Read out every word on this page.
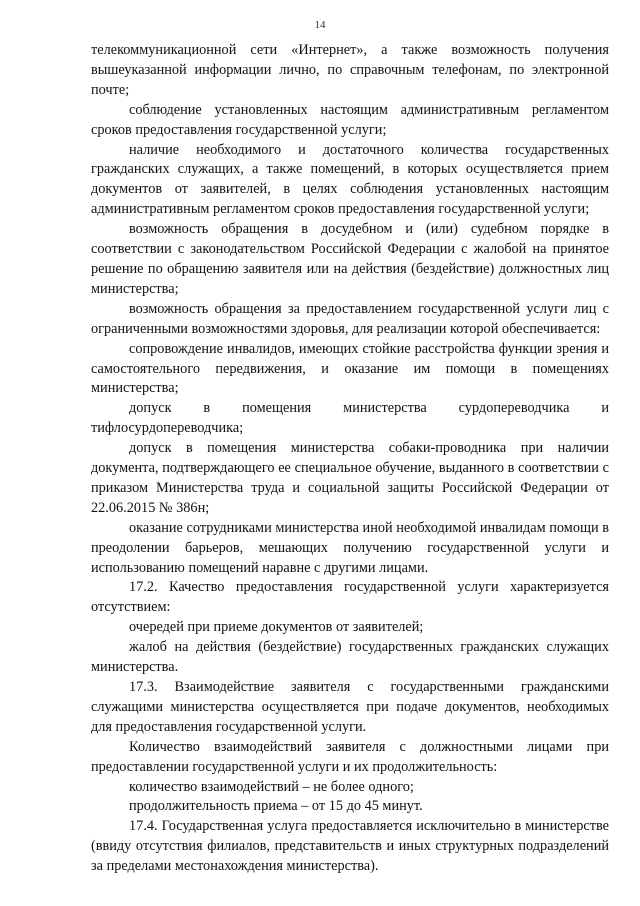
14

телекоммуникационной сети «Интернет», а также возможность получения вышеуказанной информации лично, по справочным телефонам, по электронной почте;

соблюдение установленных настоящим административным регламентом сроков предоставления государственной услуги;

наличие необходимого и достаточного количества государственных гражданских служащих, а также помещений, в которых осуществляется прием документов от заявителей, в целях соблюдения установленных настоящим административным регламентом сроков предоставления государственной услуги;

возможность обращения в досудебном и (или) судебном порядке в соответствии с законодательством Российской Федерации с жалобой на принятое решение по обращению заявителя или на действия (бездействие) должностных лиц министерства;

возможность обращения за предоставлением государственной услуги лиц с ограниченными возможностями здоровья, для реализации которой обеспечивается:

сопровождение инвалидов, имеющих стойкие расстройства функции зрения и самостоятельного передвижения, и оказание им помощи в помещениях министерства;

допуск в помещения министерства сурдопереводчика и тифлосурдопереводчика;

допуск в помещения министерства собаки-проводника при наличии документа, подтверждающего ее специальное обучение, выданного в соответствии с приказом Министерства труда и социальной защиты Российской Федерации от 22.06.2015 № 386н;

оказание сотрудниками министерства иной необходимой инвалидам помощи в преодолении барьеров, мешающих получению государственной услуги и использованию помещений наравне с другими лицами.

17.2. Качество предоставления государственной услуги характеризуется отсутствием:

очередей при приеме документов от заявителей;

жалоб на действия (бездействие) государственных гражданских служащих министерства.

17.3. Взаимодействие заявителя с государственными гражданскими служащими министерства осуществляется при подаче документов, необходимых для предоставления государственной услуги.

Количество взаимодействий заявителя с должностными лицами при предоставлении государственной услуги и их продолжительность:

количество взаимодействий – не более одного;

продолжительность приема – от 15 до 45 минут.

17.4. Государственная услуга предоставляется исключительно в министерстве (ввиду отсутствия филиалов, представительств и иных структурных подразделений за пределами местонахождения министерства).
